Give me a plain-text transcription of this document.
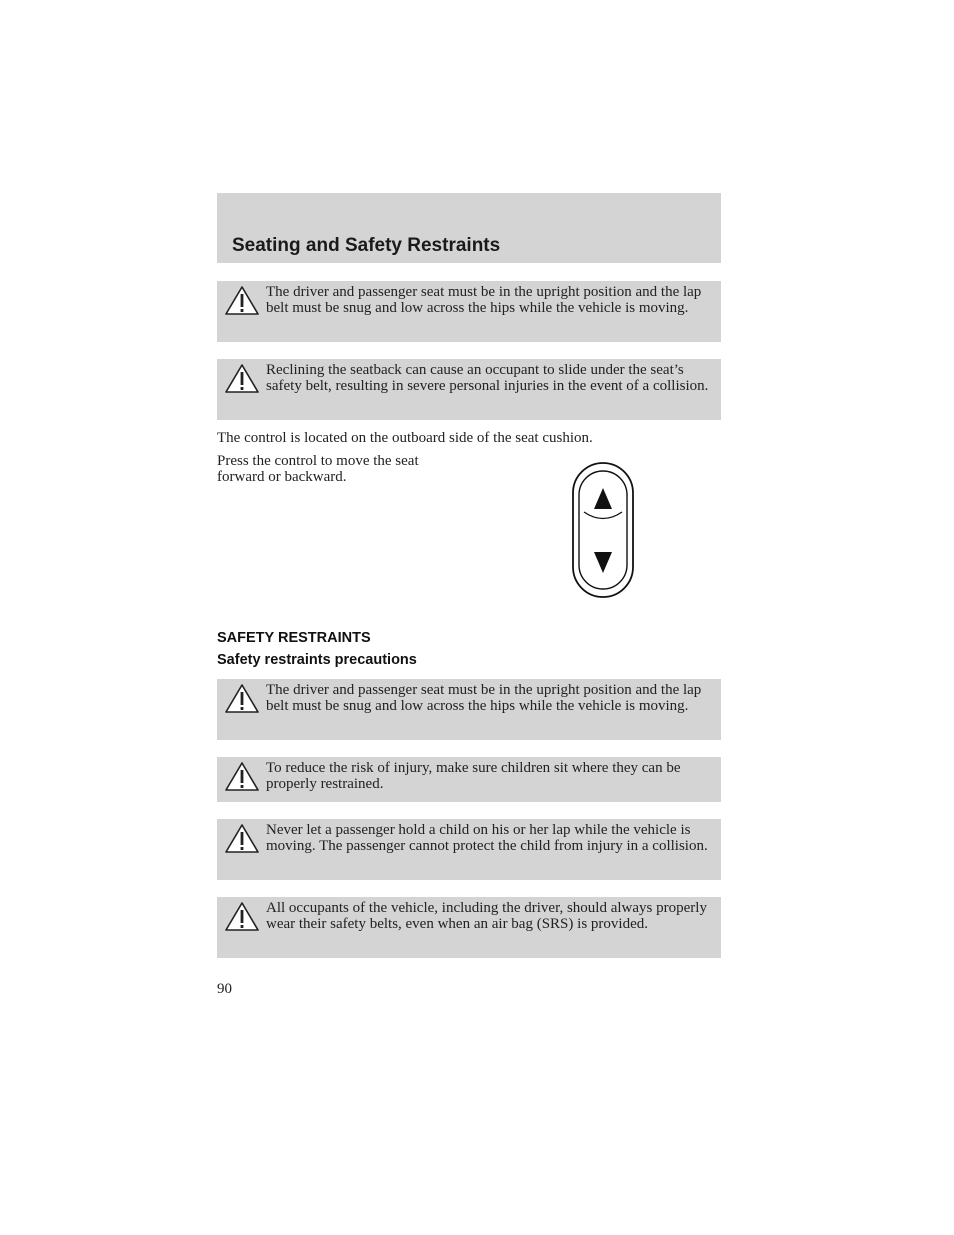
Seating and Safety Restraints

The driver and passenger seat must be in the upright position and the lap belt must be snug and low across the hips while the vehicle is moving.

Reclining the seatback can cause an occupant to slide under the seat’s safety belt, resulting in severe personal injuries in the event of a collision.

The control is located on the outboard side of the seat cushion.

Press the control to move the seat forward or backward.

SAFETY RESTRAINTS
Safety restraints precautions

The driver and passenger seat must be in the upright position and the lap belt must be snug and low across the hips while the vehicle is moving.

To reduce the risk of injury, make sure children sit where they can be properly restrained.

Never let a passenger hold a child on his or her lap while the vehicle is moving. The passenger cannot protect the child from injury in a collision.

All occupants of the vehicle, including the driver, should always properly wear their safety belts, even when an air bag (SRS) is provided.

90
